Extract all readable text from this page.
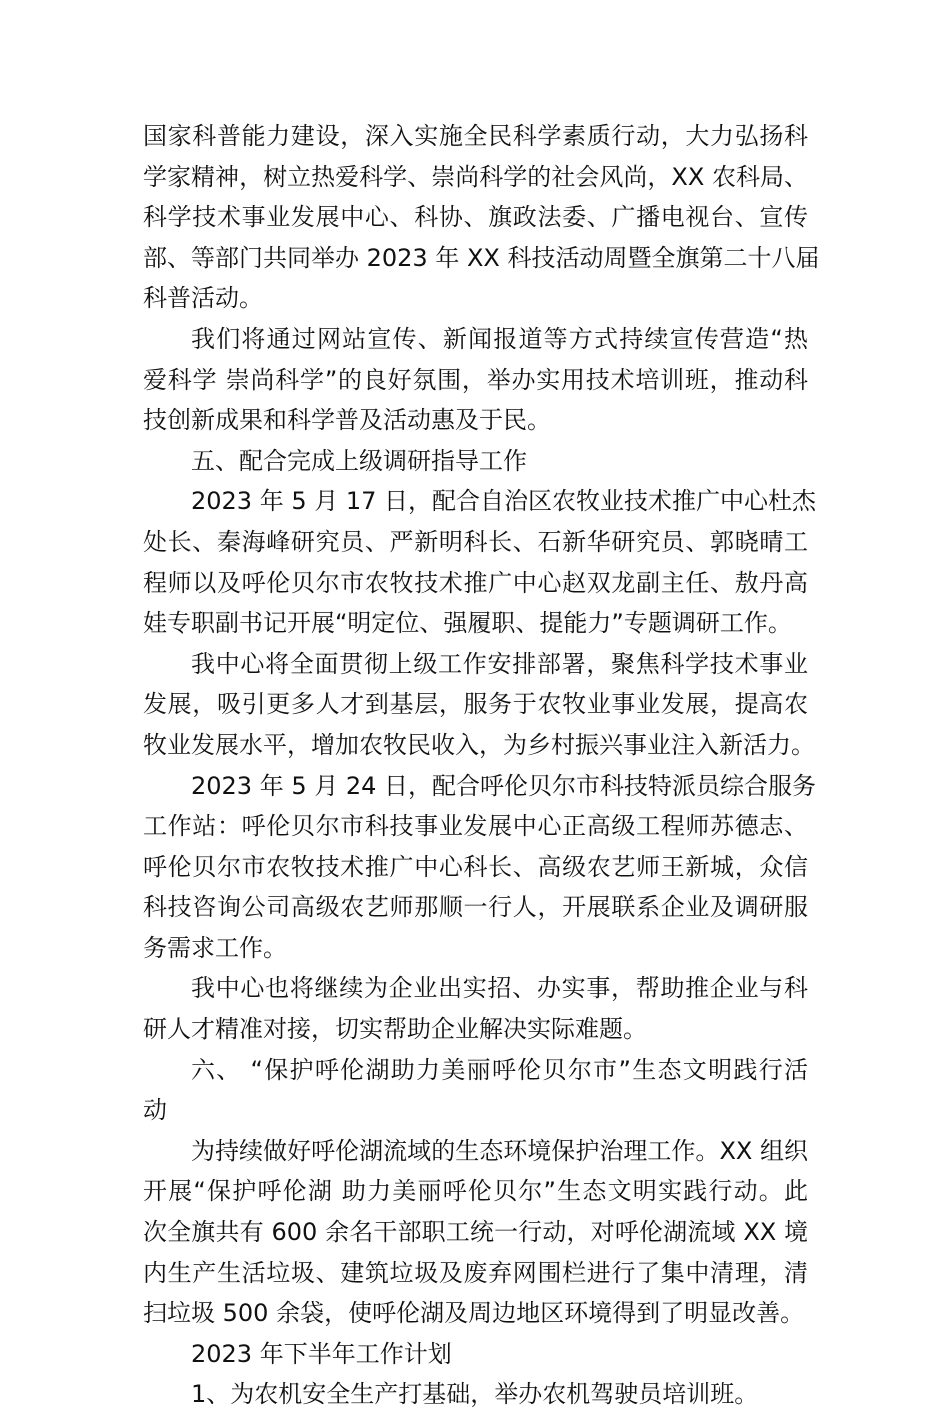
国家科普能力建设，深入实施全民科学素质行动，大力弘扬科
学家精神，树立热爱科学、崇尚科学的社会风尚，XX 农科局、
科学技术事业发展中心、科协、旗政法委、广播电视台、宣传
部、等部门共同举办 2023 年 XX 科技活动周暨全旗第二十八届
科普活动。

我们将通过网站宣传、新闻报道等方式持续宣传营造“热
爱科学 崇尚科学”的良好氛围，举办实用技术培训班，推动科
技创新成果和科学普及活动惠及于民。

五、配合完成上级调研指导工作

2023 年 5 月 17 日，配合自治区农牧业技术推广中心杜杰
处长、秦海峰研究员、严新明科长、石新华研究员、郭晓晴工
程师以及呼伦贝尔市农牧技术推广中心赵双龙副主任、敖丹高
娃专职副书记开展“明定位、强履职、提能力”专题调研工作。

我中心将全面贯彻上级工作安排部署，聚焦科学技术事业
发展，吸引更多人才到基层，服务于农牧业事业发展，提高农
牧业发展水平，增加农牧民收入，为乡村振兴事业注入新活力。

2023 年 5 月 24 日，配合呼伦贝尔市科技特派员综合服务
工作站：呼伦贝尔市科技事业发展中心正高级工程师苏德志、
呼伦贝尔市农牧技术推广中心科长、高级农艺师王新城，众信
科技咨询公司高级农艺师那顺一行人，开展联系企业及调研服
务需求工作。

我中心也将继续为企业出实招、办实事，帮助推企业与科
研人才精准对接，切实帮助企业解决实际难题。

六、 “保护呼伦湖助力美丽呼伦贝尔市”生态文明践行活
动

为持续做好呼伦湖流域的生态环境保护治理工作。XX 组织
开展“保护呼伦湖 助力美丽呼伦贝尔”生态文明实践行动。此
次全旗共有 600 余名干部职工统一行动，对呼伦湖流域 XX 境
内生产生活垃圾、建筑垃圾及废弃网围栏进行了集中清理，清
扫垃圾 500 余袋，使呼伦湖及周边地区环境得到了明显改善。

2023 年下半年工作计划

1、为农机安全生产打基础，举办农机驾驶员培训班。
